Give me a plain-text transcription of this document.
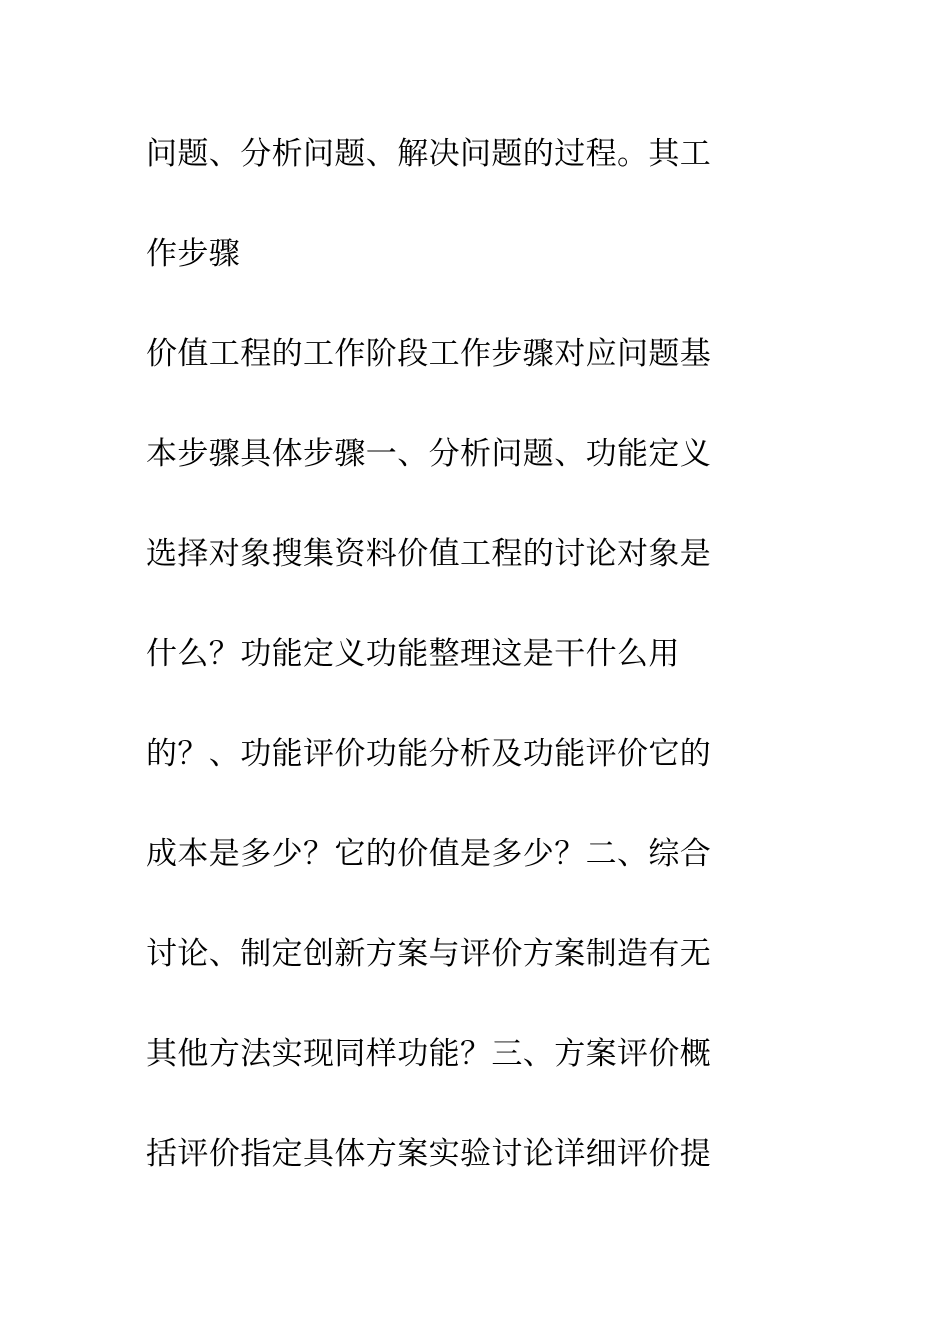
问题、分析问题、解决问题的过程。其工
作步骤
价值工程的工作阶段工作步骤对应问题基
本步骤具体步骤一、分析问题、功能定义
选择对象搜集资料价值工程的讨论对象是
什么？功能定义功能整理这是干什么用
的？、功能评价功能分析及功能评价它的
成本是多少？它的价值是多少？二、综合
讨论、制定创新方案与评价方案制造有无
其他方法实现同样功能？三、方案评价概
括评价指定具体方案实验讨论详细评价提
